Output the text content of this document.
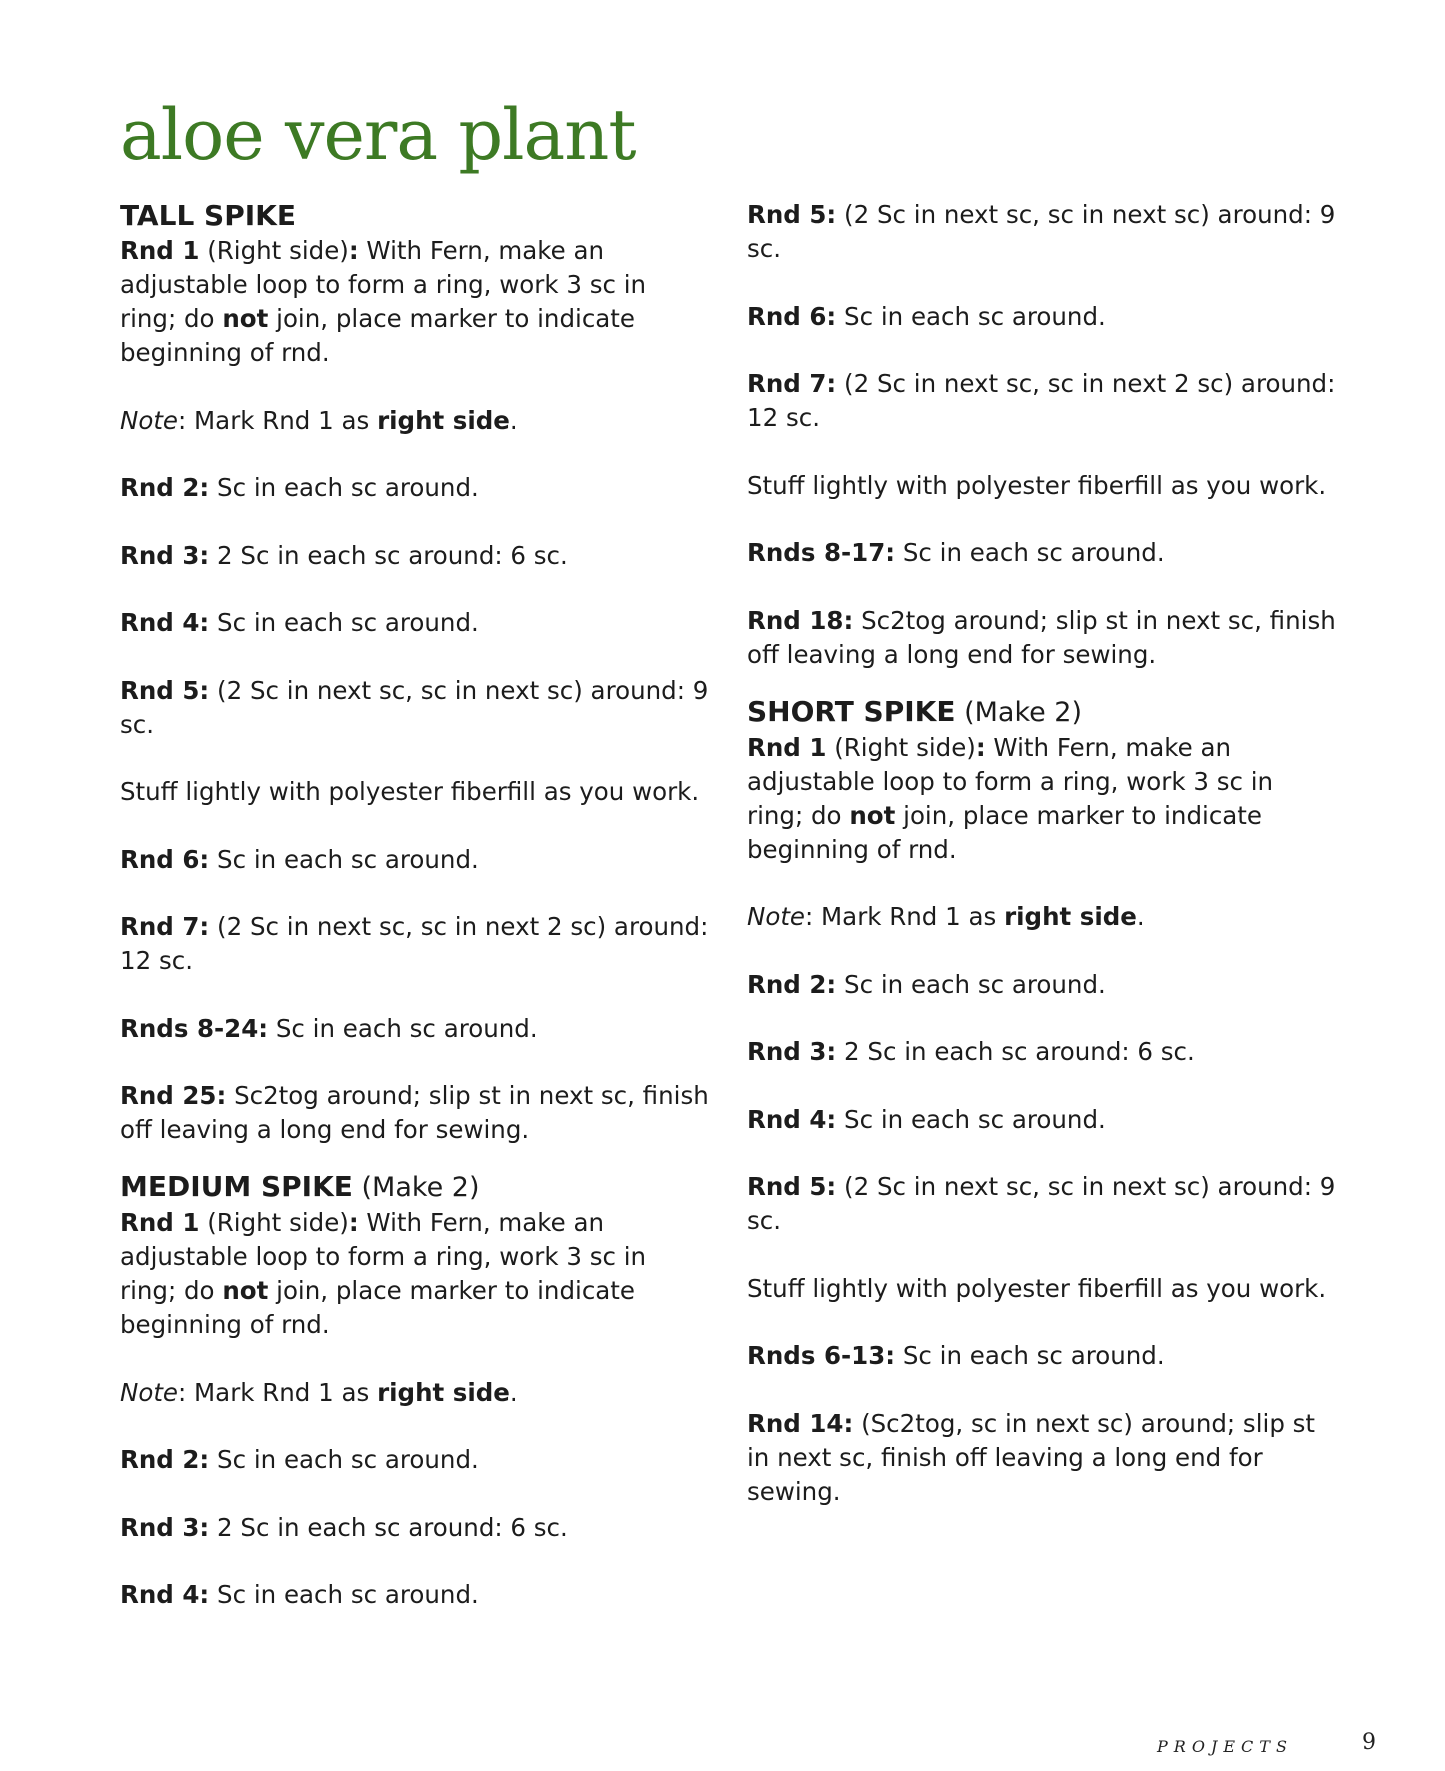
aloe vera plant
TALL SPIKE

Rnd 1 (Right side): With Fern, make an adjustable loop to form a ring, work 3 sc in ring; do not join, place marker to indicate beginning of rnd.

Note: Mark Rnd 1 as right side.

Rnd 2: Sc in each sc around.

Rnd 3: 2 Sc in each sc around: 6 sc.

Rnd 4: Sc in each sc around.

Rnd 5: (2 Sc in next sc, sc in next sc) around: 9 sc.

Stuff lightly with polyester fiberfill as you work.

Rnd 6: Sc in each sc around.

Rnd 7: (2 Sc in next sc, sc in next 2 sc) around: 12 sc.

Rnds 8-24: Sc in each sc around.

Rnd 25: Sc2tog around; slip st in next sc, finish off leaving a long end for sewing.

MEDIUM SPIKE (Make 2)

Rnd 1 (Right side): With Fern, make an adjustable loop to form a ring, work 3 sc in ring; do not join, place marker to indicate beginning of rnd.

Note: Mark Rnd 1 as right side.

Rnd 2: Sc in each sc around.

Rnd 3: 2 Sc in each sc around: 6 sc.

Rnd 4: Sc in each sc around.

Rnd 5: (2 Sc in next sc, sc in next sc) around: 9 sc.

Rnd 6: Sc in each sc around.

Rnd 7: (2 Sc in next sc, sc in next 2 sc) around: 12 sc.

Stuff lightly with polyester fiberfill as you work.

Rnds 8-17: Sc in each sc around.

Rnd 18: Sc2tog around; slip st in next sc, finish off leaving a long end for sewing.

SHORT SPIKE (Make 2)

Rnd 1 (Right side): With Fern, make an adjustable loop to form a ring, work 3 sc in ring; do not join, place marker to indicate beginning of rnd.

Note: Mark Rnd 1 as right side.

Rnd 2: Sc in each sc around.

Rnd 3: 2 Sc in each sc around: 6 sc.

Rnd 4: Sc in each sc around.

Rnd 5: (2 Sc in next sc, sc in next sc) around: 9 sc.

Stuff lightly with polyester fiberfill as you work.

Rnds 6-13: Sc in each sc around.

Rnd 14: (Sc2tog, sc in next sc) around; slip st in next sc, finish off leaving a long end for sewing.

PROJECTS	9
